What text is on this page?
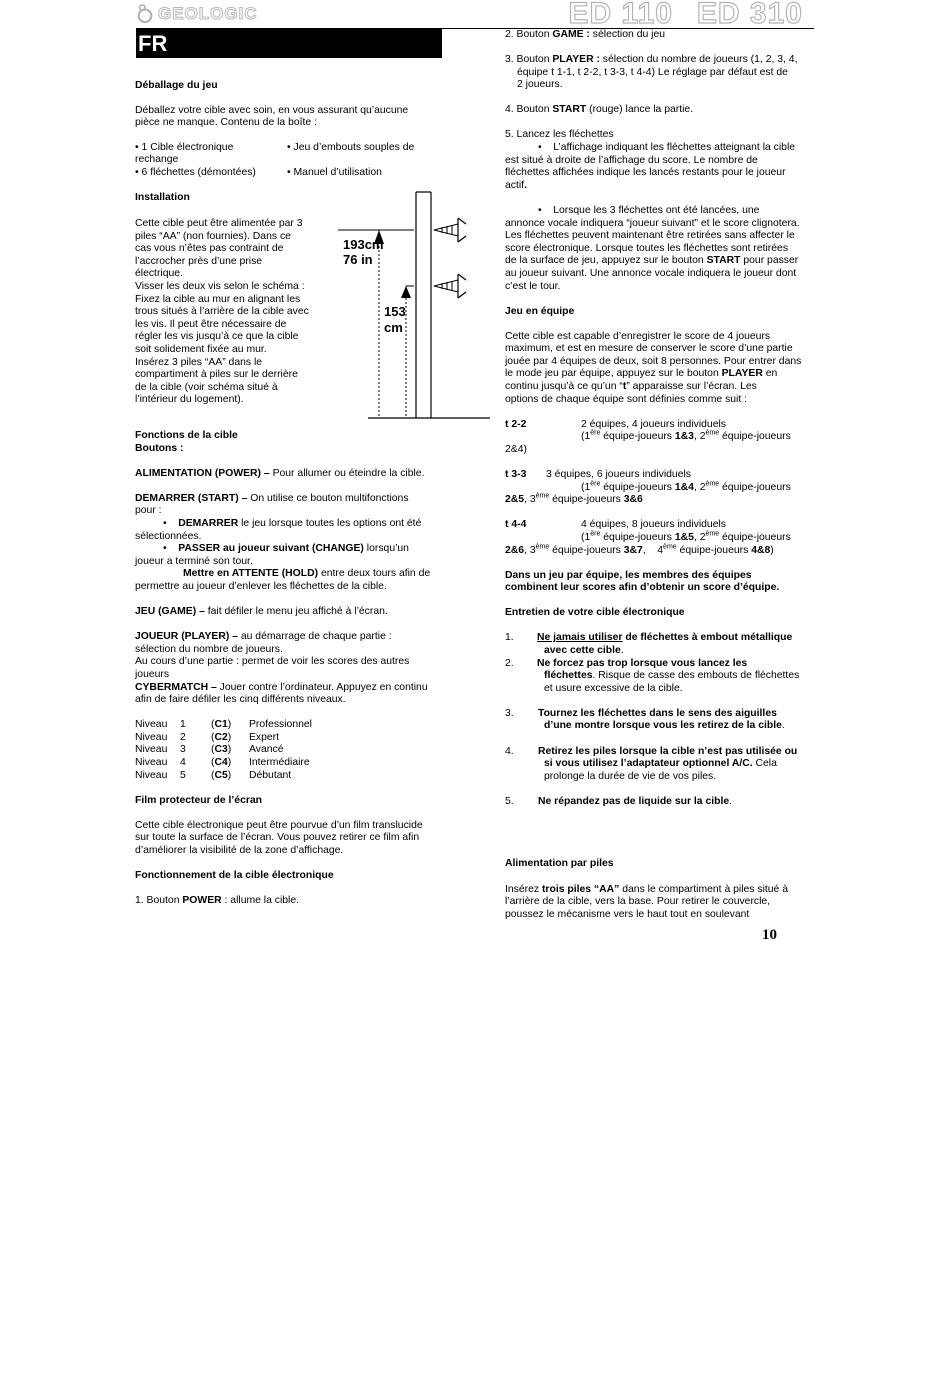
GEOLOGIC	ED 110 ED 310
FR

Déballage du jeu

Déballez votre cible avec soin, en vous assurant qu’aucune

pièce ne manque. Contenu de la boîte :

• 1 Cible électronique	• Jeu d’embouts souples de
rechange
• 6 fléchettes (démontées)	• Manuel d’utilisation

Installation

Cette cible peut être alimentée par 3

piles “AA” (non fournies). Dans ce

cas vous n’êtes pas contraint de

l’accrocher près d’une prise

électrique.

Visser les deux vis selon le schéma :

Fixez la cible au mur en alignant les

trous situés à l’arrière de la cible avec

les vis. Il peut être nécessaire de

régler les vis jusqu’à ce que la cible

soit solidement fixée au mur.

Insérez 3 piles “AA” dans le

compartiment à piles sur le derrière

de la cible (voir schéma situé à

l’intérieur du logement).

193cm
76 in
153
cm

Fonctions de la cible

Boutons :

ALIMENTATION (POWER) – Pour allumer ou éteindre la cible.

DEMARRER (START) – On utilise ce bouton multifonctions

pour :

•    DEMARRER le jeu lorsque toutes les options ont été

sélectionnées.

•    PASSER au joueur suivant (CHANGE) lorsqu’un

joueur a terminé son tour.

Mettre en ATTENTE (HOLD) entre deux tours afin de

permettre au joueur d’enlever les fléchettes de la cible.

JEU (GAME) – fait défiler le menu jeu affiché à l’écran.

JOUEUR (PLAYER) – au démarrage de chaque partie :

sélection du nombre de joueurs.

Au cours d’une partie : permet de voir les scores des autres

joueurs

CYBERMATCH – Jouer contre l’ordinateur. Appuyez en continu

afin de faire défiler les cinq différents niveaux.

Niveau	1	(C1)	Professionnel
Niveau	2	(C2)	Expert
Niveau	3	(C3)	Avancé
Niveau	4	(C4)	Intermédiaire
Niveau	5	(C5)	Débutant

Film protecteur de l’écran

Cette cible électronique peut être pourvue d’un film translucide

sur toute la surface de l’écran. Vous pouvez retirer ce film afin

d’améliorer la visibilité de la zone d’affichage.

Fonctionnement de la cible électronique

1. Bouton POWER : allume la cible.

2. Bouton GAME : sélection du jeu

3. Bouton PLAYER : sélection du nombre de joueurs (1, 2, 3, 4,

équipe t 1-1, t 2-2, t 3-3, t 4-4) Le réglage par défaut est de

2 joueurs.

4. Bouton START (rouge) lance la partie.

5. Lancez les fléchettes

•    L’affichage indiquant les fléchettes atteignant la cible

est situé à droite de l’affichage du score. Le nombre de

fléchettes affichées indique les lancés restants pour le joueur

actif.

•    Lorsque les 3 fléchettes ont été lancées, une

annonce vocale indiquera “joueur suivant” et le score clignotera.

Les fléchettes peuvent maintenant être retirées sans affecter le

score électronique. Lorsque toutes les fléchettes sont retirées

de la surface de jeu, appuyez sur le bouton START pour passer

au joueur suivant. Une annonce vocale indiquera le joueur dont

c’est le tour.

Jeu en équipe

Cette cible est capable d’enregistrer le score de 4 joueurs

maximum, et est en mesure de conserver le score d’une partie

jouée par 4 équipes de deux, soit 8 personnes. Pour entrer dans

le mode jeu par équipe, appuyez sur le bouton PLAYER en

continu jusqu’à ce qu’un “t” apparaisse sur l’écran. Les

options de chaque équipe sont définies comme suit :

t 2-2	2 équipes, 4 joueurs individuels

(1ère équipe-joueurs 1&3, 2ème équipe-joueurs

2&4)

t 3-3	3 équipes, 6 joueurs individuels

(1ère équipe-joueurs 1&4, 2ème équipe-joueurs

2&5, 3ème équipe-joueurs 3&6

t 4-4	4 équipes, 8 joueurs individuels

(1ère équipe-joueurs 1&5, 2ème équipe-joueurs

2&6, 3ème équipe-joueurs 3&7,    4ème équipe-joueurs 4&8)

Dans un jeu par équipe, les membres des équipes

combinent leur scores afin d’obtenir un score d’équipe.

Entretien de votre cible électronique

1.	Ne jamais utiliser de fléchettes à embout métallique

avec cette cible.

2.	Ne forcez pas trop lorsque vous lancez les

fléchettes. Risque de casse des embouts de fléchettes

et usure excessive de la cible.

3.	Tournez les fléchettes dans le sens des aiguilles

d’une montre lorsque vous les retirez de la cible.

4.	Retirez les piles lorsque la cible n’est pas utilisée ou

si vous utilisez l’adaptateur optionnel A/C. Cela

prolonge la durée de vie de vos piles.

5.	Ne répandez pas de liquide sur la cible.

Alimentation par piles

Insérez trois piles “AA” dans le compartiment à piles situé à

l’arrière de la cible, vers la base. Pour retirer le couvercle,

poussez le mécanisme vers le haut tout en soulevant

10
